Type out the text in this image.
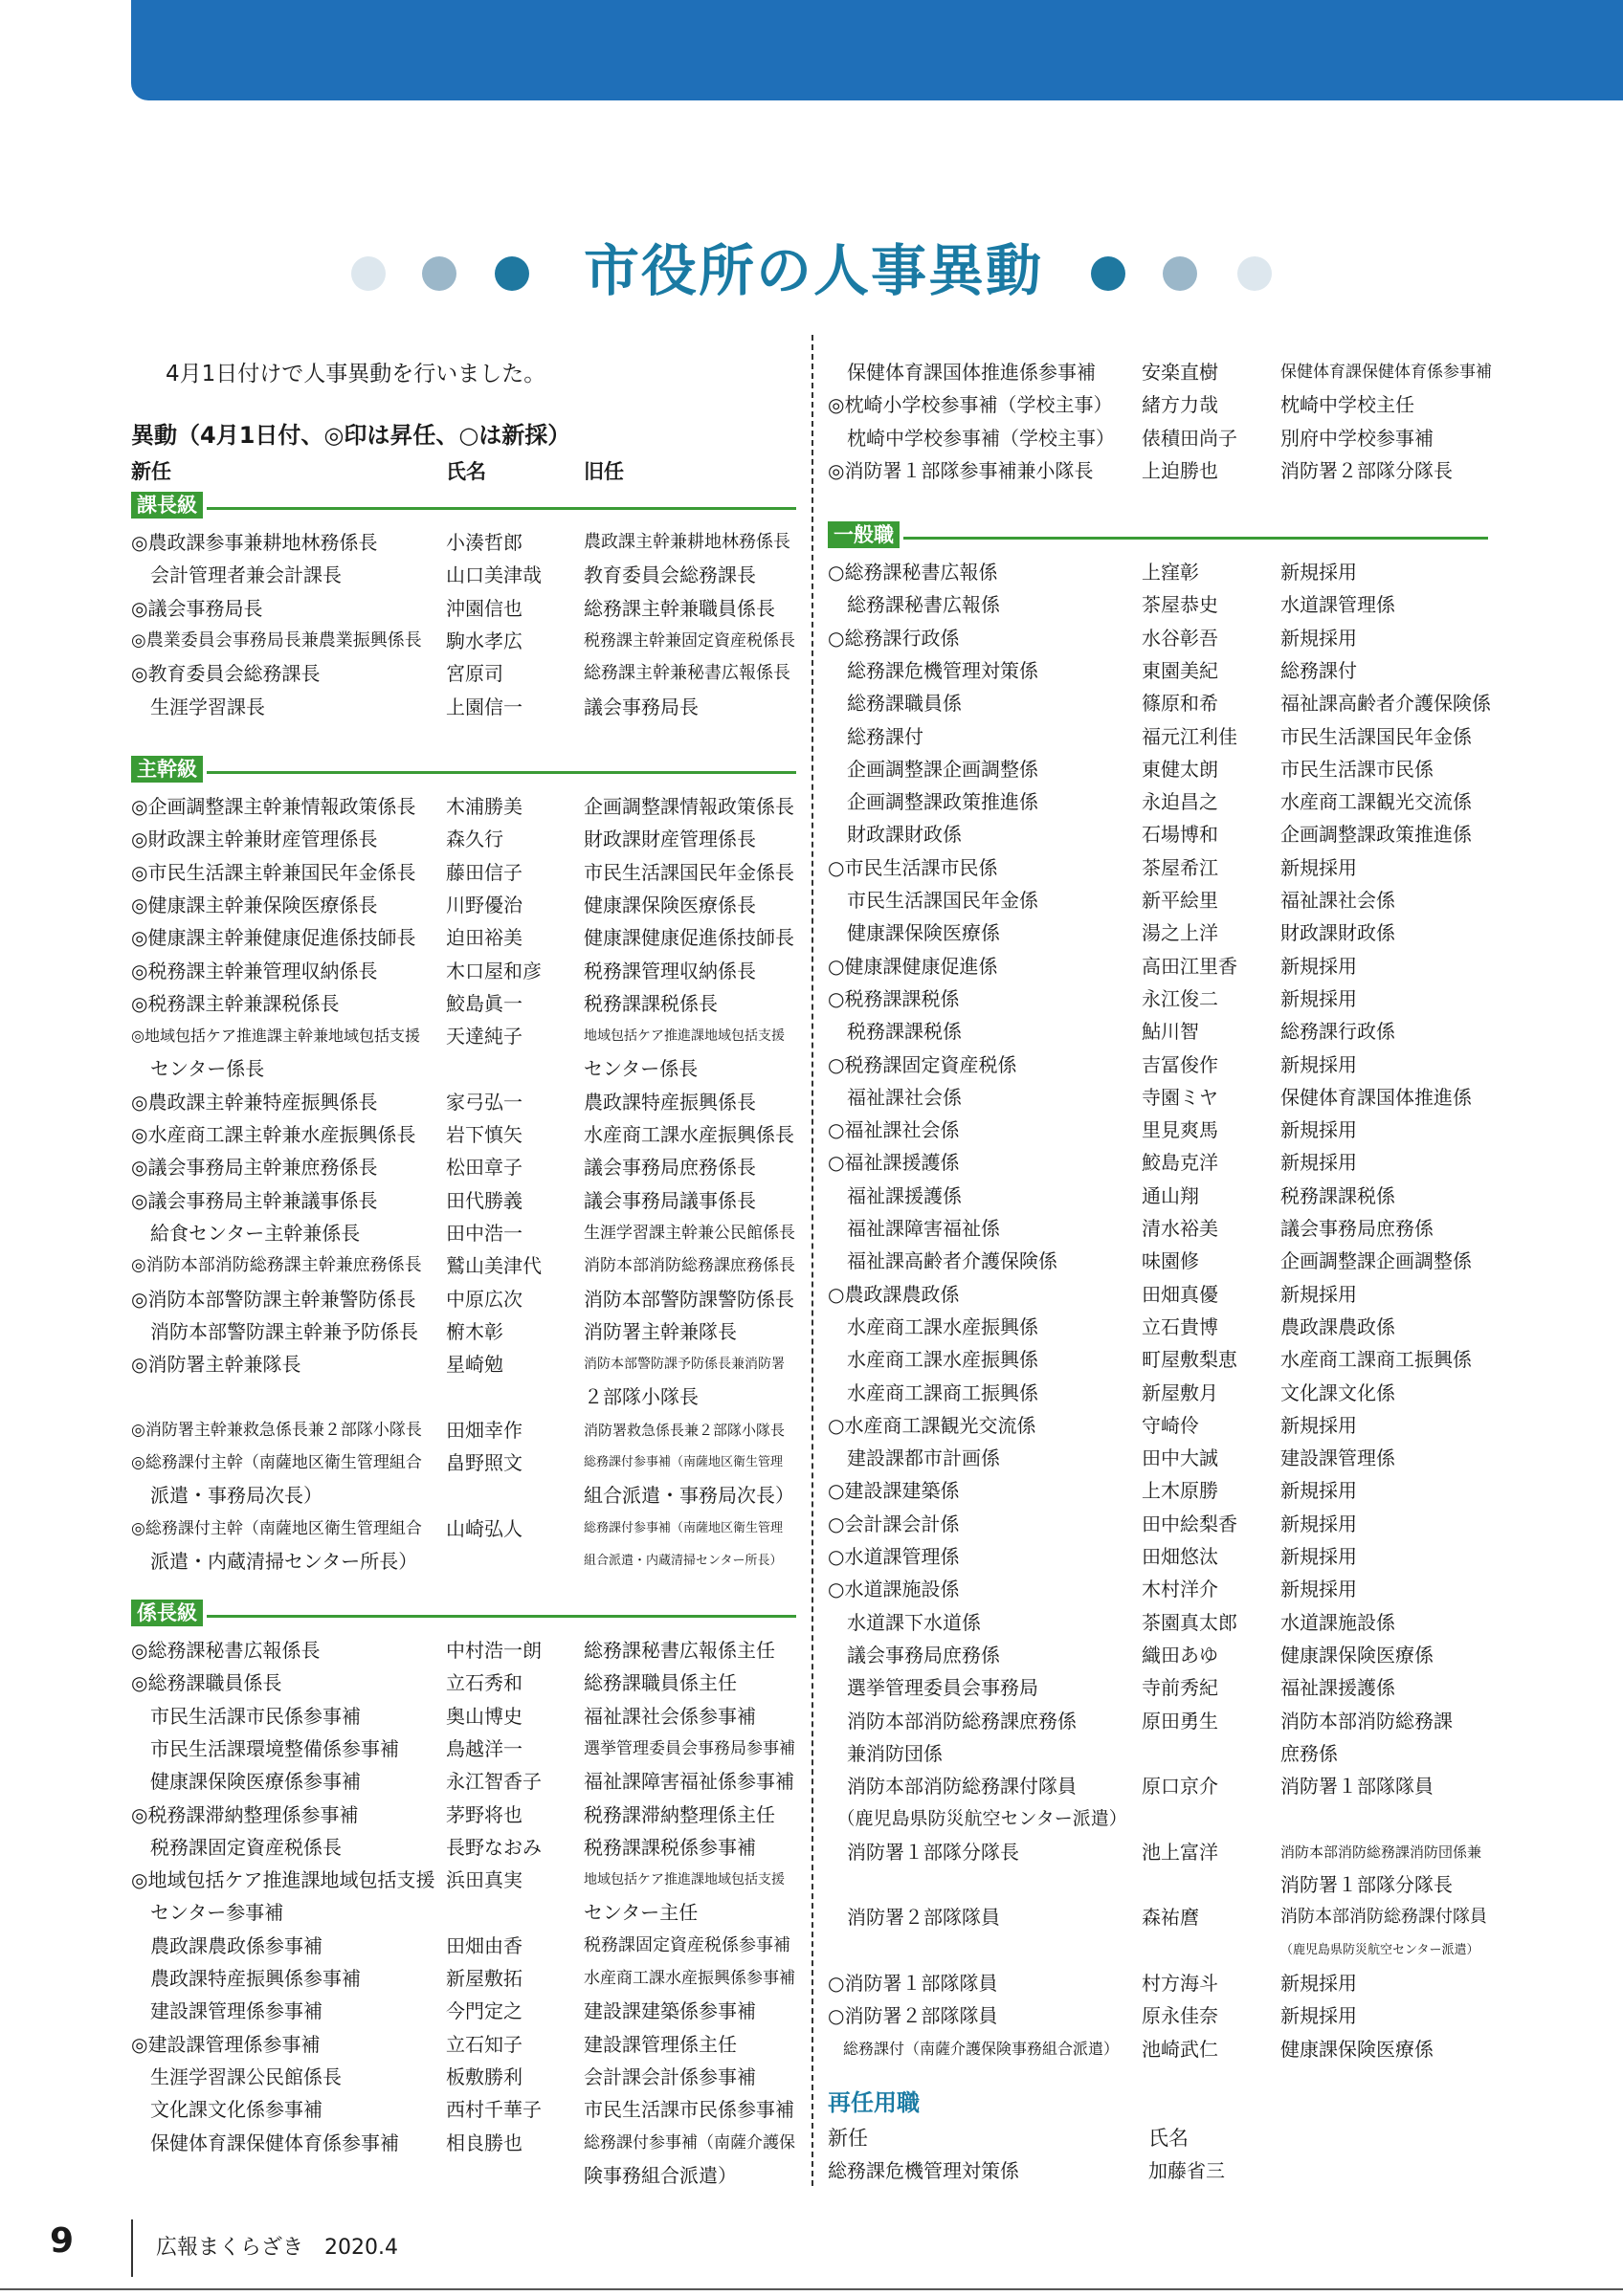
市役所の人事異動

4月1日付けで人事異動を行いました。

異動（4月1日付、◎印は昇任、○は新採）
新任	氏名	旧任
再任用職
新任	氏名
9	広報まくらざき　2020.4
課長級
◎農政課参事兼耕地林務係長	小湊哲郎	農政課主幹兼耕地林務係長
　会計管理者兼会計課長	山口美津哉 教育委員会総務課長
◎議会事務局長	沖園信也	総務課主幹兼職員係長
◎農業委員会事務局長兼農業振興係長 駒水孝広	税務課主幹兼固定資産税係長
◎教育委員会総務課長	宮原司	総務課主幹兼秘書広報係長
　生涯学習課長	上園信一	議会事務局長
主幹級
◎企画調整課主幹兼情報政策係長 木浦勝美	企画調整課情報政策係長
◎財政課主幹兼財産管理係長	森久行	財政課財産管理係長
◎市民生活課主幹兼国民年金係長 藤田信子	市民生活課国民年金係長
◎健康課主幹兼保険医療係長	川野優治	健康課保険医療係長
◎健康課主幹兼健康促進係技師長 迫田裕美	健康課健康促進係技師長
◎税務課主幹兼管理収納係長	木口屋和彦 税務課管理収納係長
◎税務課主幹兼課税係長	鮫島眞一	税務課課税係長
◎地域包括ケア推進課主幹兼地域包括支援 天達純子	地域包括ケア推進課地域包括支援
　センター係長	センター係長
◎農政課主幹兼特産振興係長	家弓弘一	農政課特産振興係長
◎水産商工課主幹兼水産振興係長 岩下慎矢	水産商工課水産振興係長
◎議会事務局主幹兼庶務係長	松田章子	議会事務局庶務係長
◎議会事務局主幹兼議事係長	田代勝義	議会事務局議事係長
　給食センター主幹兼係長	田中浩一	生涯学習課主幹兼公民館係長
◎消防本部消防総務課主幹兼庶務係長 鷲山美津代	消防本部消防総務課庶務係長
◎消防本部警防課主幹兼警防係長 中原広次	消防本部警防課警防係長
　消防本部警防課主幹兼予防係長 椨木彰	消防署主幹兼隊長
◎消防署主幹兼隊長	星崎勉	消防本部警防課予防係長兼消防署
２部隊小隊長
◎消防署主幹兼救急係長兼２部隊小隊長 田畑幸作	消防署救急係長兼２部隊小隊長
◎総務課付主幹（南薩地区衛生管理組合 畠野照文	総務課付参事補（南薩地区衛生管理
　派遣・事務局次長）	組合派遣・事務局次長）
◎総務課付主幹（南薩地区衛生管理組合 山崎弘人	総務課付参事補（南薩地区衛生管理
　派遣・内蔵清掃センター所長）	組合派遣・内蔵清掃センター所長）
係長級
◎総務課秘書広報係長	中村浩一朗 総務課秘書広報係主任
◎総務課職員係長	立石秀和	総務課職員係主任
　市民生活課市民係参事補	奥山博史	福祉課社会係参事補
　市民生活課環境整備係参事補 鳥越洋一	選挙管理委員会事務局参事補
　健康課保険医療係参事補	永江智香子 福祉課障害福祉係参事補
◎税務課滞納整理係参事補	茅野将也	税務課滞納整理係主任
　税務課固定資産税係長	長野なおみ 税務課課税係参事補
◎地域包括ケア推進課地域包括支援 浜田真実	地域包括ケア推進課地域包括支援
　センター参事補	センター主任
　農政課農政係参事補	田畑由香	税務課固定資産税係参事補
　農政課特産振興係参事補	新屋敷拓	水産商工課水産振興係参事補
　建設課管理係参事補	今門定之	建設課建築係参事補
◎建設課管理係参事補	立石知子	建設課管理係主任
　生涯学習課公民館係長	板敷勝利	会計課会計係参事補
　文化課文化係参事補	西村千華子 市民生活課市民係参事補
　保健体育課保健体育係参事補 相良勝也	総務課付参事補（南薩介護保
険事務組合派遣）
　保健体育課国体推進係参事補 安楽直樹	保健体育課保健体育係参事補
◎枕崎小学校参事補（学校主事） 緒方力哉	枕崎中学校主任
　枕崎中学校参事補（学校主事） 俵積田尚子 別府中学校参事補
◎消防署１部隊参事補兼小隊長	上迫勝也	消防署２部隊分隊長
一般職
○総務課秘書広報係	上窪彰	新規採用
　総務課秘書広報係	茶屋恭史	水道課管理係
○総務課行政係	水谷彰吾	新規採用
　総務課危機管理対策係	東園美紀	総務課付
　総務課職員係	篠原和希	福祉課高齢者介護保険係
　総務課付	福元江利佳 市民生活課国民年金係
　企画調整課企画調整係	東健太朗	市民生活課市民係
　企画調整課政策推進係	永迫昌之	水産商工課観光交流係
　財政課財政係	石場博和	企画調整課政策推進係
○市民生活課市民係	茶屋希江	新規採用
　市民生活課国民年金係	新平絵里	福祉課社会係
　健康課保険医療係	湯之上洋	財政課財政係
○健康課健康促進係	高田江里香 新規採用
○税務課課税係	永江俊二	新規採用
　税務課課税係	鮎川智	総務課行政係
○税務課固定資産税係	吉冨俊作	新規採用
　福祉課社会係	寺園ミヤ	保健体育課国体推進係
○福祉課社会係	里見爽馬	新規採用
○福祉課援護係	鮫島克洋	新規採用
　福祉課援護係	通山翔	税務課課税係
　福祉課障害福祉係	清水裕美	議会事務局庶務係
　福祉課高齢者介護保険係	味園修	企画調整課企画調整係
○農政課農政係	田畑真優	新規採用
　水産商工課水産振興係	立石貴博	農政課農政係
　水産商工課水産振興係	町屋敷梨恵 水産商工課商工振興係
　水産商工課商工振興係	新屋敷月	文化課文化係
○水産商工課観光交流係	守崎伶	新規採用
　建設課都市計画係	田中大誠	建設課管理係
○建設課建築係	上木原勝	新規採用
○会計課会計係	田中絵梨香 新規採用
○水道課管理係	田畑悠汰	新規採用
○水道課施設係	木村洋介	新規採用
　水道課下水道係	茶園真太郎 水道課施設係
　議会事務局庶務係	織田あゆ	健康課保険医療係
　選挙管理委員会事務局	寺前秀紀	福祉課援護係
　消防本部消防総務課庶務係	原田勇生	消防本部消防総務課
　兼消防団係	庶務係
　消防本部消防総務課付隊員	原口京介	消防署１部隊隊員
　（鹿児島県防災航空センター派遣）
　消防署１部隊分隊長	池上富洋	消防本部消防総務課消防団係兼
消防署１部隊分隊長
　消防署２部隊隊員	森祐麿	消防本部消防総務課付隊員
（鹿児島県防災航空センター派遣）
○消防署１部隊隊員	村方海斗	新規採用
○消防署２部隊隊員	原永佳奈	新規採用
　総務課付（南薩介護保険事務組合派遣） 池崎武仁	健康課保険医療係
総務課危機管理対策係	加藤省三
